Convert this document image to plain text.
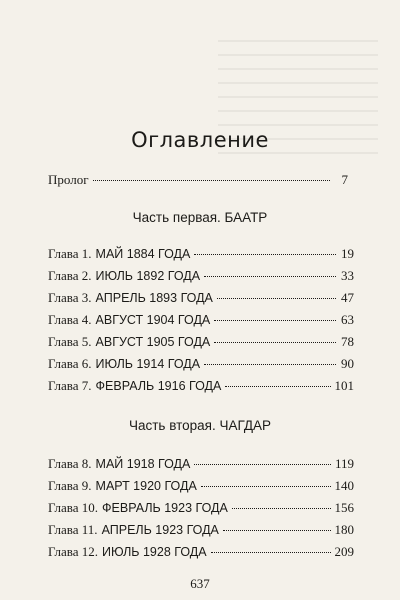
Оглавление
Пролог	7
Часть первая. БААТР
Глава 1. МАЙ 1884 ГОДА	19
Глава 2. ИЮЛЬ 1892 ГОДА	33
Глава 3. АПРЕЛЬ 1893 ГОДА	47
Глава 4. АВГУСТ 1904 ГОДА	63
Глава 5. АВГУСТ 1905 ГОДА	78
Глава 6. ИЮЛЬ 1914 ГОДА	90
Глава 7. ФЕВРАЛЬ 1916 ГОДА	101
Часть вторая. ЧАГДАР
Глава 8. МАЙ 1918 ГОДА	119
Глава 9. МАРТ 1920 ГОДА	140
Глава 10. ФЕВРАЛЬ 1923 ГОДА	156
Глава 11. АПРЕЛЬ 1923 ГОДА	180
Глава 12. ИЮЛЬ 1928 ГОДА	209
637
